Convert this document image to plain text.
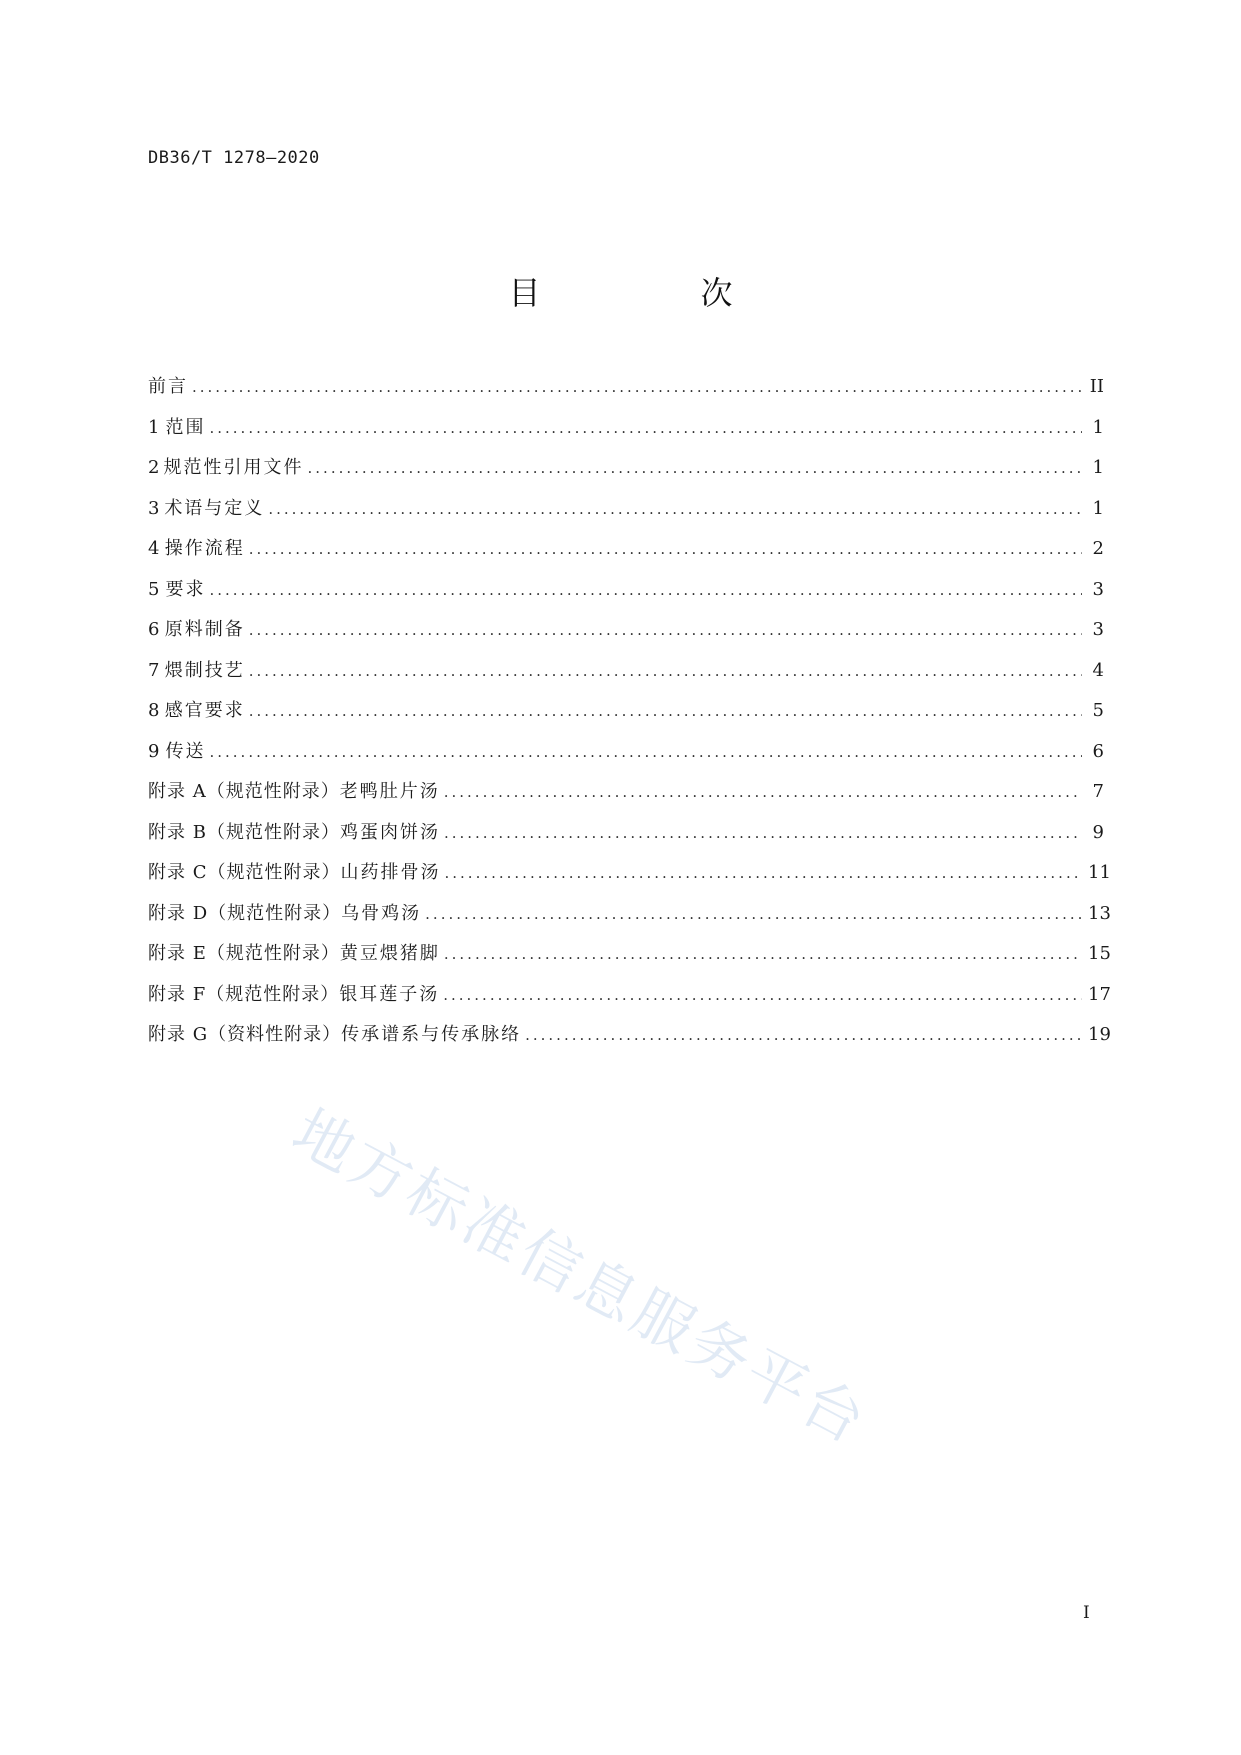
DB36/T 1278—2020
目　次
前言 .....	II
1 范围 .....	1
2 规范性引用文件 .....	1
3 术语与定义 .....	1
4 操作流程 .....	2
5 要求 .....	3
6 原料制备 .....	3
7 煨制技艺 .....	4
8 感官要求 .....	5
9 传送 .....	6
附录 A（规范性附录） 老鸭肚片汤 .....	7
附录 B（规范性附录） 鸡蛋肉饼汤 .....	9
附录 C（规范性附录） 山药排骨汤 .....	11
附录 D（规范性附录） 乌骨鸡汤 .....	13
附录 E（规范性附录） 黄豆煨猪脚 .....	15
附录 F（规范性附录） 银耳莲子汤 .....	17
附录 G（资料性附录） 传承谱系与传承脉络 .....	19
地方标准信息服务平台
I
